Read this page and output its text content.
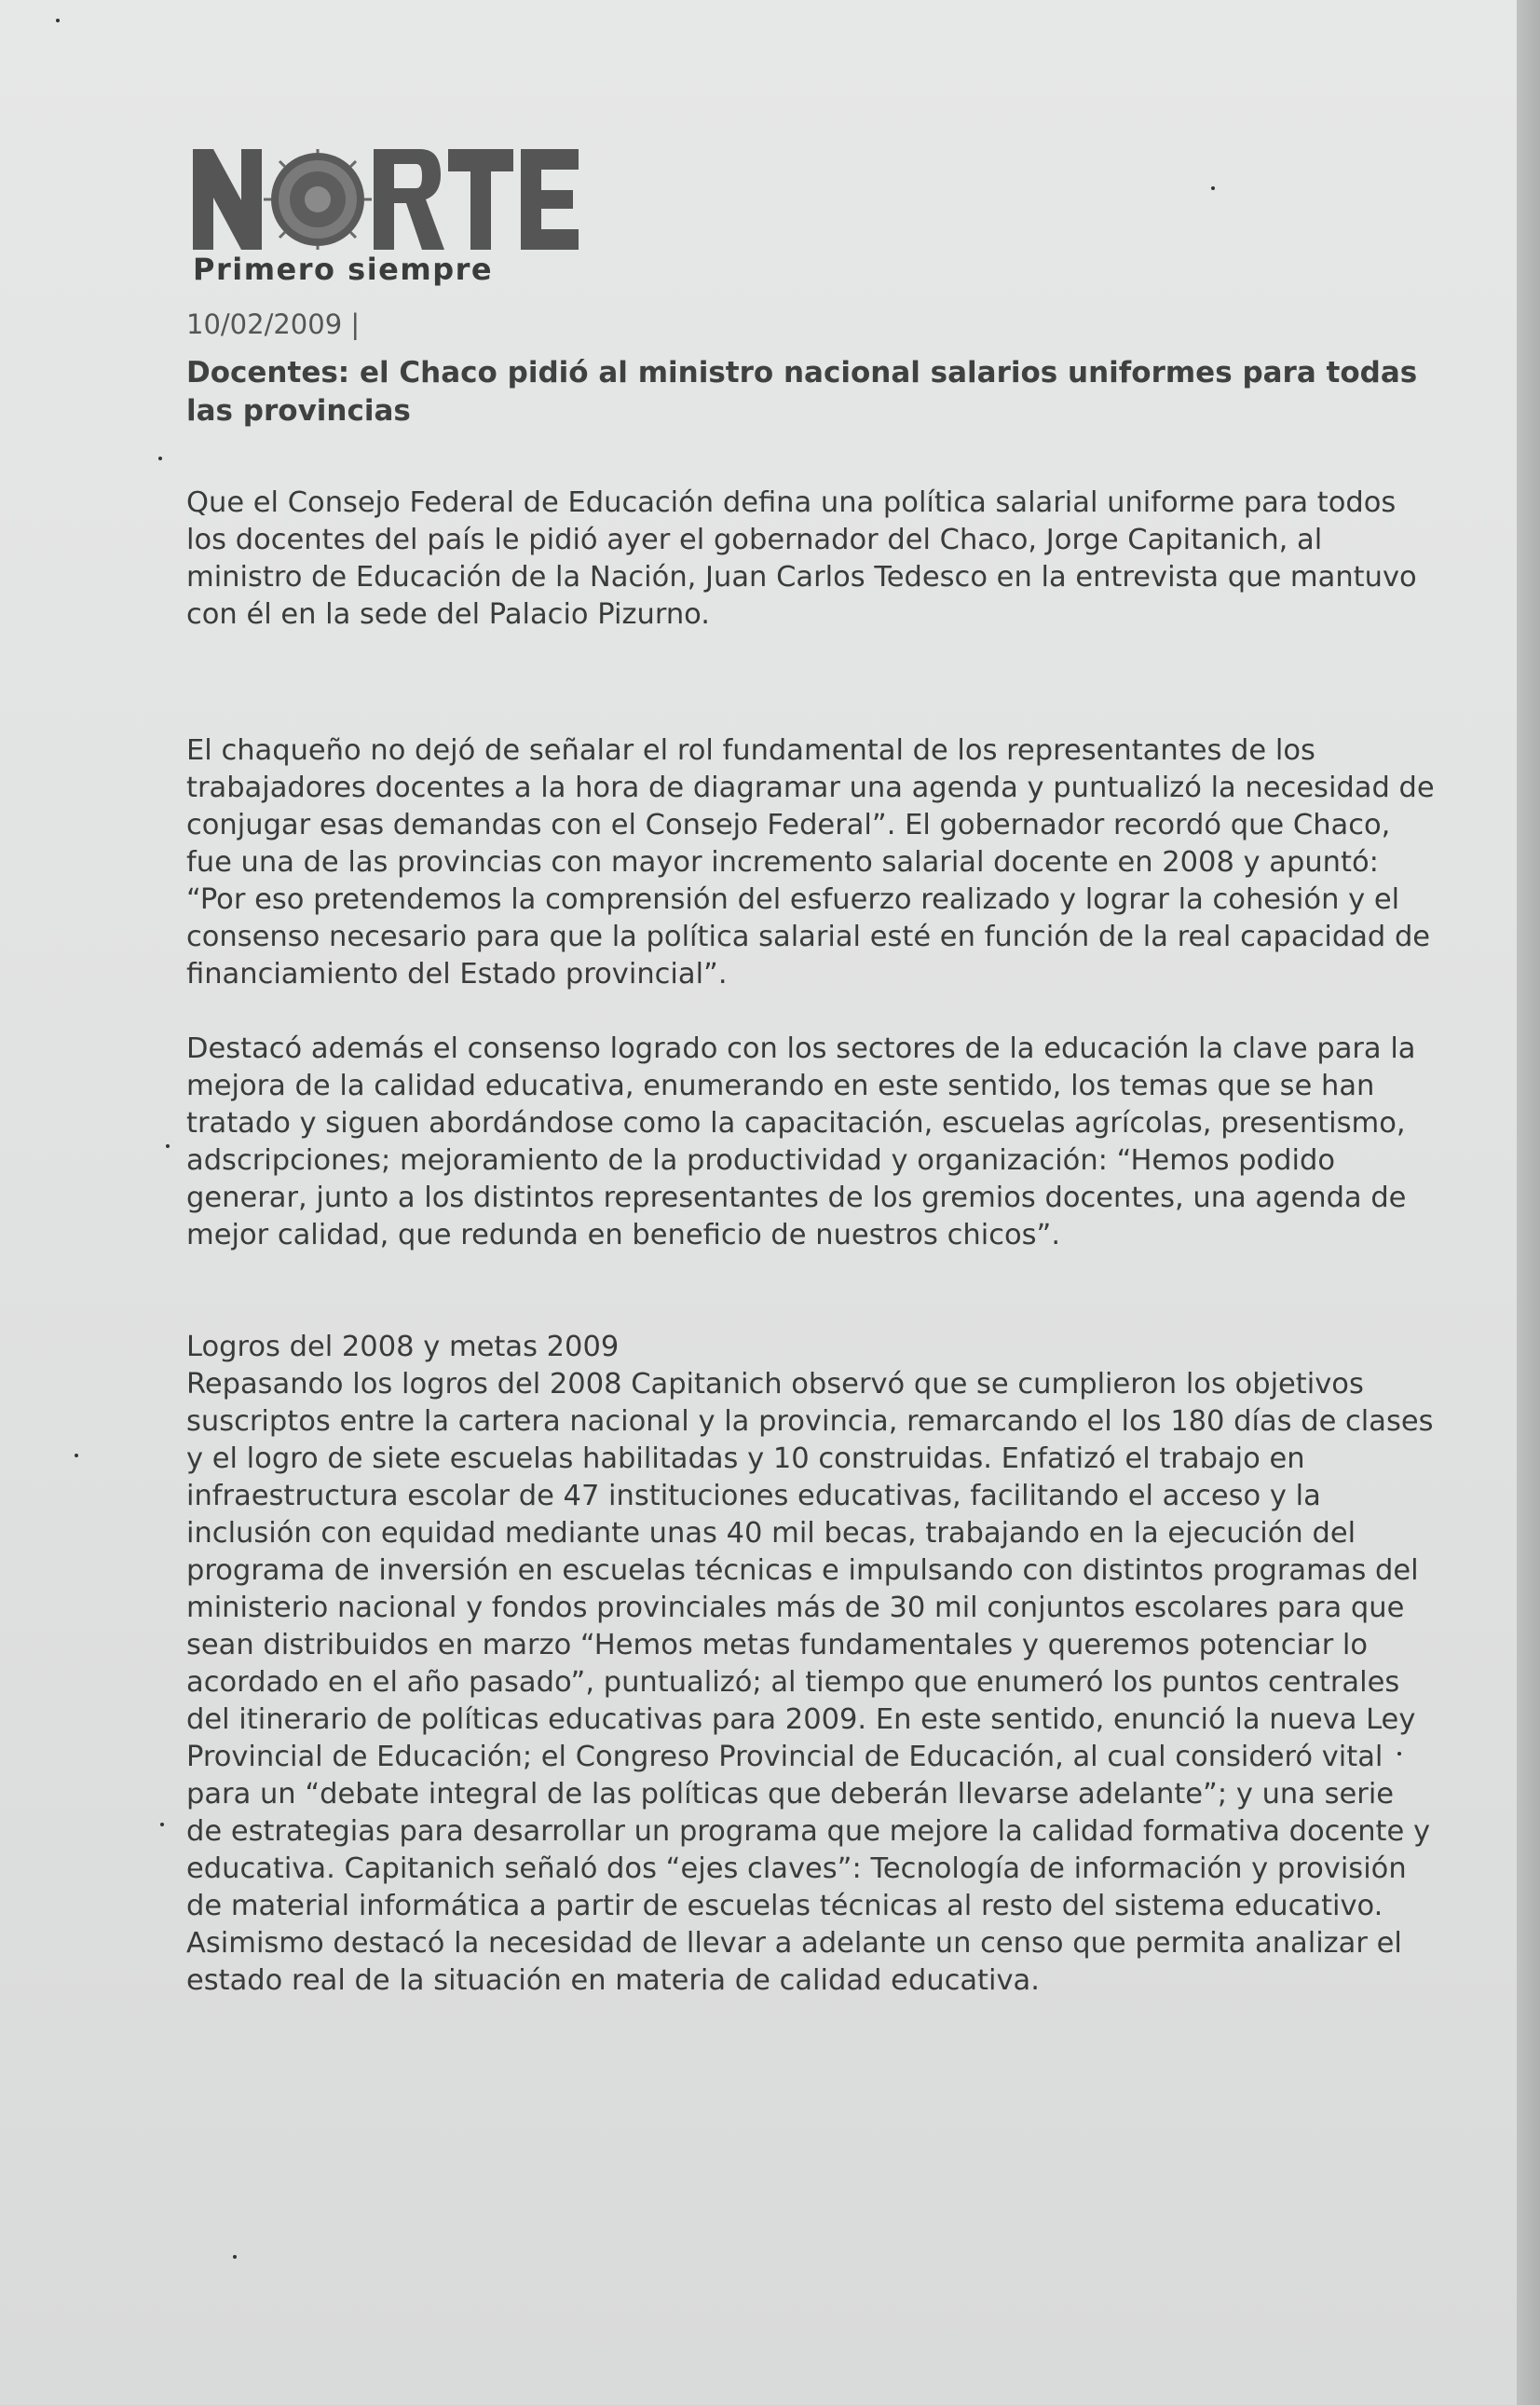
Primero siempre
10/02/2009 |
Docentes: el Chaco pidió al ministro nacional salarios uniformes para todas las provincias

Que el Consejo Federal de Educación defina una política salarial uniforme para todos los docentes del país le pidió ayer el gobernador del Chaco, Jorge Capitanich, al ministro de Educación de la Nación, Juan Carlos Tedesco en la entrevista que mantuvo con él en la sede del Palacio Pizurno.

El chaqueño no dejó de señalar el rol fundamental de los representantes de los trabajadores docentes a la hora de diagramar una agenda y puntualizó la necesidad de conjugar esas demandas con el Consejo Federal”. El gobernador recordó que Chaco, fue una de las provincias con mayor incremento salarial docente en 2008 y apuntó: “Por eso pretendemos la comprensión del esfuerzo realizado y lograr la cohesión y el consenso necesario para que la política salarial esté en función de la real capacidad de financiamiento del Estado provincial”.

Destacó además el consenso logrado con los sectores de la educación la clave para la mejora de la calidad educativa, enumerando en este sentido, los temas que se han tratado y siguen abordándose como la capacitación, escuelas agrícolas, presentismo, adscripciones; mejoramiento de la productividad y organización: “Hemos podido generar, junto a los distintos representantes de los gremios docentes, una agenda de mejor calidad, que redunda en beneficio de nuestros chicos”.

Logros del 2008 y metas 2009
Repasando los logros del 2008 Capitanich observó que se cumplieron los objetivos suscriptos entre la cartera nacional y la provincia, remarcando el los 180 días de clases y el logro de siete escuelas habilitadas y 10 construidas. Enfatizó el trabajo en infraestructura escolar de 47 instituciones educativas, facilitando el acceso y la inclusión con equidad mediante unas 40 mil becas, trabajando en la ejecución del programa de inversión en escuelas técnicas e impulsando con distintos programas del ministerio nacional y fondos provinciales más de 30 mil conjuntos escolares para que sean distribuidos en marzo “Hemos metas fundamentales y queremos potenciar lo acordado en el año pasado”, puntualizó; al tiempo que enumeró los puntos centrales del itinerario de políticas educativas para 2009. En este sentido, enunció la nueva Ley Provincial de Educación; el Congreso Provincial de Educación, al cual consideró vital para un “debate integral de las políticas que deberán llevarse adelante”; y una serie de estrategias para desarrollar un programa que mejore la calidad formativa docente y educativa. Capitanich señaló dos “ejes claves”: Tecnología de información y provisión de material informática a partir de escuelas técnicas al resto del sistema educativo. Asimismo destacó la necesidad de llevar a adelante un censo que permita analizar el estado real de la situación en materia de calidad educativa.
